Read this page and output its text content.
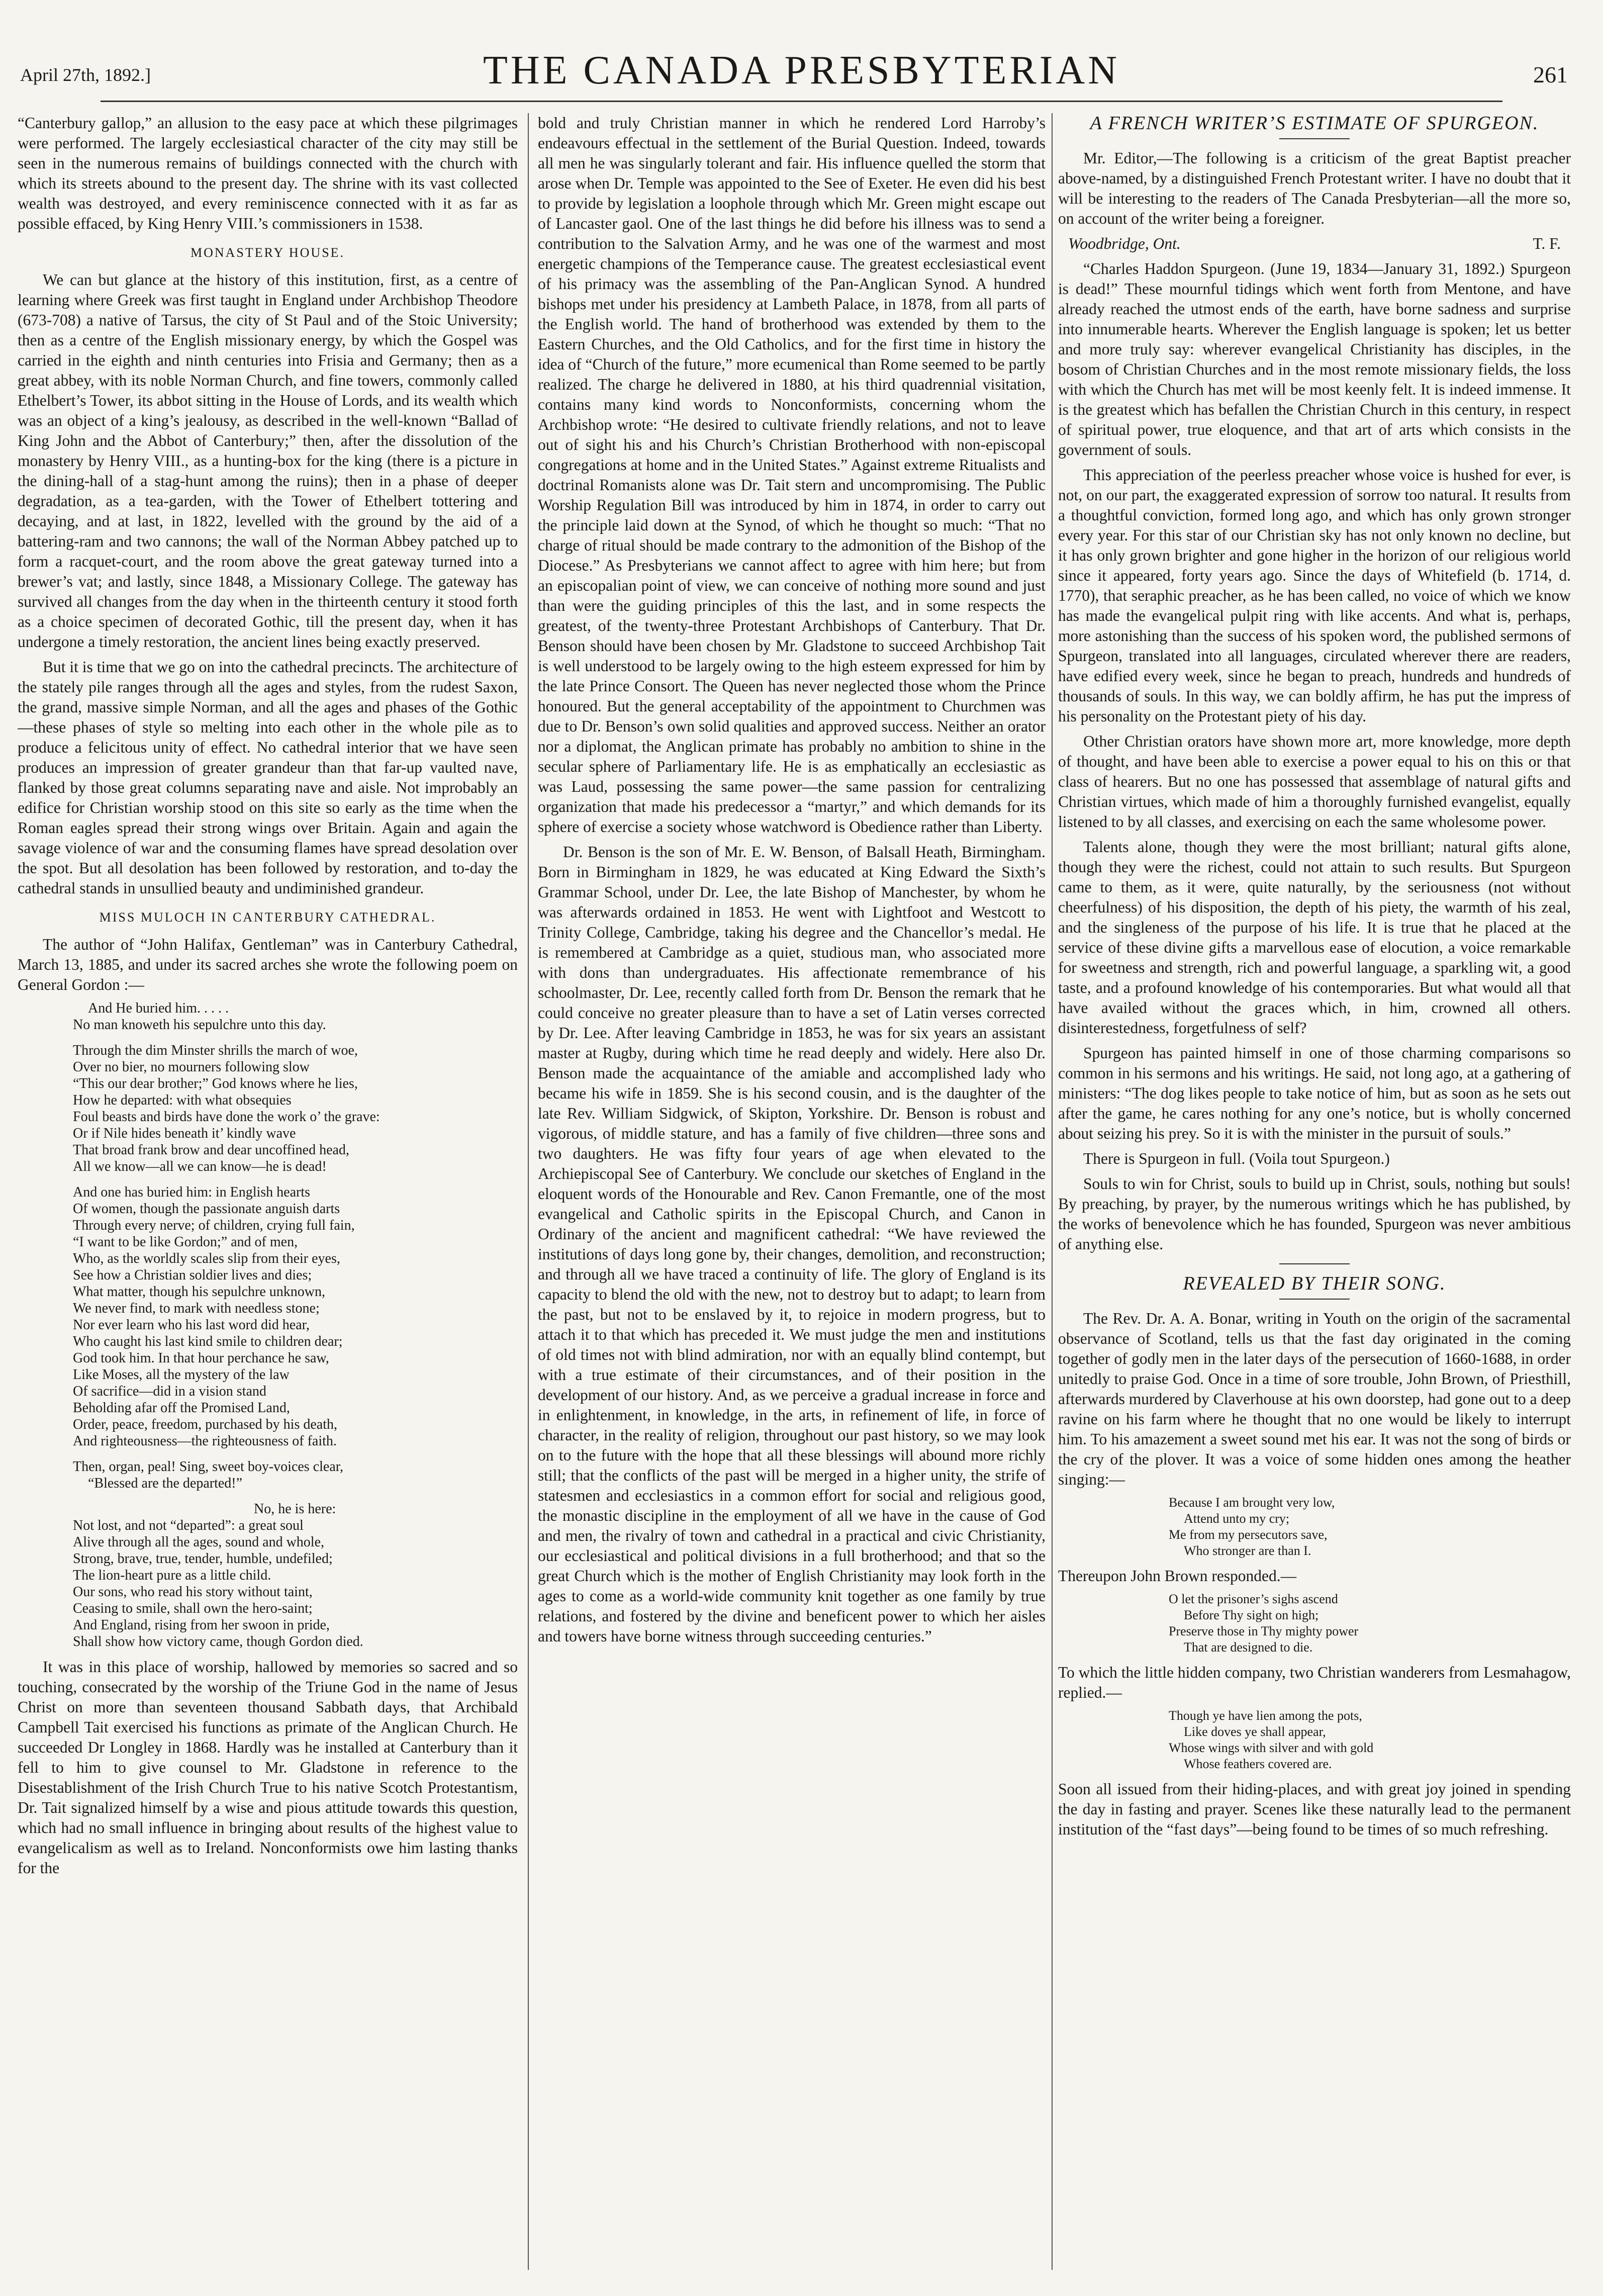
April 27th, 1892.]	THE CANADA PRESBYTERIAN	261

“Canterbury gallop,” an allusion to the easy pace at which these pilgrimages were performed. The largely ecclesiastical character of the city may still be seen in the numerous remains of buildings connected with the church with which its streets abound to the present day. The shrine with its vast collected wealth was destroyed, and every reminiscence connected with it as far as possible effaced, by King Henry VIII.’s commissioners in 1538.

MONASTERY HOUSE.

We can but glance at the history of this institution, first, as a centre of learning where Greek was first taught in England under Archbishop Theodore (673-708) a native of Tarsus, the city of St Paul and of the Stoic University; then as a centre of the English missionary energy, by which the Gospel was carried in the eighth and ninth centuries into Frisia and Germany; then as a great abbey, with its noble Norman Church, and fine towers, commonly called Ethelbert’s Tower, its abbot sitting in the House of Lords, and its wealth which was an object of a king’s jealousy, as described in the well-known “Ballad of King John and the Abbot of Canterbury;” then, after the dissolution of the monastery by Henry VIII., as a hunting-box for the king (there is a picture in the dining-hall of a stag-hunt among the ruins); then in a phase of deeper degradation, as a tea-garden, with the Tower of Ethelbert tottering and decaying, and at last, in 1822, levelled with the ground by the aid of a battering-ram and two cannons; the wall of the Norman Abbey patched up to form a racquet-court, and the room above the great gateway turned into a brewer’s vat; and lastly, since 1848, a Missionary College. The gateway has survived all changes from the day when in the thirteenth century it stood forth as a choice specimen of decorated Gothic, till the present day, when it has undergone a timely restoration, the ancient lines being exactly preserved.

But it is time that we go on into the cathedral precincts. The architecture of the stately pile ranges through all the ages and styles, from the rudest Saxon, the grand, massive simple Norman, and all the ages and phases of the Gothic—these phases of style so melting into each other in the whole pile as to produce a felicitous unity of effect. No cathedral interior that we have seen produces an impression of greater grandeur than that far-up vaulted nave, flanked by those great columns separating nave and aisle. Not improbably an edifice for Christian worship stood on this site so early as the time when the Roman eagles spread their strong wings over Britain. Again and again the savage violence of war and the consuming flames have spread desolation over the spot. But all desolation has been followed by restoration, and to-day the cathedral stands in unsullied beauty and undiminished grandeur.

MISS MULOCH IN CANTERBURY CATHEDRAL.

The author of “John Halifax, Gentleman” was in Canterbury Cathedral, March 13, 1885, and under its sacred arches she wrote the following poem on General Gordon :—

And He buried him. . . . .
No man knoweth his sepulchre unto this day.
Through the dim Minster shrills the march of woe,
Over no bier, no mourners following slow
“This our dear brother;” God knows where he lies,
How he departed: with what obsequies
Foul beasts and birds have done the work o’ the grave:
Or if Nile hides beneath it’ kindly wave
That broad frank brow and dear uncoffined head,
All we know—all we can know—he is dead!
And one has buried him: in English hearts
Of women, though the passionate anguish darts
Through every nerve; of children, crying full fain,
“I want to be like Gordon;” and of men,
Who, as the worldly scales slip from their eyes,
See how a Christian soldier lives and dies;
What matter, though his sepulchre unknown,
We never find, to mark with needless stone;
Nor ever learn who his last word did hear,
Who caught his last kind smile to children dear;
God took him. In that hour perchance he saw,
Like Moses, all the mystery of the law
Of sacrifice—did in a vision stand
Beholding afar off the Promised Land,
Order, peace, freedom, purchased by his death,
And righteousness—the righteousness of faith.
Then, organ, peal! Sing, sweet boy-voices clear,
“Blessed are the departed!”
No, he is here:
Not lost, and not “departed”: a great soul
Alive through all the ages, sound and whole,
Strong, brave, true, tender, humble, undefiled;
The lion-heart pure as a little child.
Our sons, who read his story without taint,
Ceasing to smile, shall own the hero-saint;
And England, rising from her swoon in pride,
Shall show how victory came, though Gordon died.

It was in this place of worship, hallowed by memories so sacred and so touching, consecrated by the worship of the Triune God in the name of Jesus Christ on more than seventeen thousand Sabbath days, that Archibald Campbell Tait exercised his functions as primate of the Anglican Church. He succeeded Dr Longley in 1868. Hardly was he installed at Canterbury than it fell to him to give counsel to Mr. Gladstone in reference to the Disestablishment of the Irish Church True to his native Scotch Protestantism, Dr. Tait signalized himself by a wise and pious attitude towards this question, which had no small influence in bringing about results of the highest value to evangelicalism as well as to Ireland. Nonconformists owe him lasting thanks for the

bold and truly Christian manner in which he rendered Lord Harroby’s endeavours effectual in the settlement of the Burial Question. Indeed, towards all men he was singularly tolerant and fair. His influence quelled the storm that arose when Dr. Temple was appointed to the See of Exeter. He even did his best to provide by legislation a loophole through which Mr. Green might escape out of Lancaster gaol. One of the last things he did before his illness was to send a contribution to the Salvation Army, and he was one of the warmest and most energetic champions of the Temperance cause. The greatest ecclesiastical event of his primacy was the assembling of the Pan-Anglican Synod. A hundred bishops met under his presidency at Lambeth Palace, in 1878, from all parts of the English world. The hand of brotherhood was extended by them to the Eastern Churches, and the Old Catholics, and for the first time in history the idea of “Church of the future,” more ecumenical than Rome seemed to be partly realized. The charge he delivered in 1880, at his third quadrennial visitation, contains many kind words to Nonconformists, concerning whom the Archbishop wrote: “He desired to cultivate friendly relations, and not to leave out of sight his and his Church’s Christian Brotherhood with non-episcopal congregations at home and in the United States.” Against extreme Ritualists and doctrinal Romanists alone was Dr. Tait stern and uncompromising. The Public Worship Regulation Bill was introduced by him in 1874, in order to carry out the principle laid down at the Synod, of which he thought so much: “That no charge of ritual should be made contrary to the admonition of the Bishop of the Diocese.” As Presbyterians we cannot affect to agree with him here; but from an episcopalian point of view, we can conceive of nothing more sound and just than were the guiding principles of this the last, and in some respects the greatest, of the twenty-three Protestant Archbishops of Canterbury. That Dr. Benson should have been chosen by Mr. Gladstone to succeed Archbishop Tait is well understood to be largely owing to the high esteem expressed for him by the late Prince Consort. The Queen has never neglected those whom the Prince honoured. But the general acceptability of the appointment to Churchmen was due to Dr. Benson’s own solid qualities and approved success. Neither an orator nor a diplomat, the Anglican primate has probably no ambition to shine in the secular sphere of Parliamentary life. He is as emphatically an ecclesiastic as was Laud, possessing the same power—the same passion for centralizing organization that made his predecessor a “martyr,” and which demands for its sphere of exercise a society whose watchword is Obedience rather than Liberty.

Dr. Benson is the son of Mr. E. W. Benson, of Balsall Heath, Birmingham. Born in Birmingham in 1829, he was educated at King Edward the Sixth’s Grammar School, under Dr. Lee, the late Bishop of Manchester, by whom he was afterwards ordained in 1853. He went with Lightfoot and Westcott to Trinity College, Cambridge, taking his degree and the Chancellor’s medal. He is remembered at Cambridge as a quiet, studious man, who associated more with dons than undergraduates. His affectionate remembrance of his schoolmaster, Dr. Lee, recently called forth from Dr. Benson the remark that he could conceive no greater pleasure than to have a set of Latin verses corrected by Dr. Lee. After leaving Cambridge in 1853, he was for six years an assistant master at Rugby, during which time he read deeply and widely. Here also Dr. Benson made the acquaintance of the amiable and accomplished lady who became his wife in 1859. She is his second cousin, and is the daughter of the late Rev. William Sidgwick, of Skipton, Yorkshire. Dr. Benson is robust and vigorous, of middle stature, and has a family of five children—three sons and two daughters. He was fifty four years of age when elevated to the Archiepiscopal See of Canterbury. We conclude our sketches of England in the eloquent words of the Honourable and Rev. Canon Fremantle, one of the most evangelical and Catholic spirits in the Episcopal Church, and Canon in Ordinary of the ancient and magnificent cathedral: “We have reviewed the institutions of days long gone by, their changes, demolition, and reconstruction; and through all we have traced a continuity of life. The glory of England is its capacity to blend the old with the new, not to destroy but to adapt; to learn from the past, but not to be enslaved by it, to rejoice in modern progress, but to attach it to that which has preceded it. We must judge the men and institutions of old times not with blind admiration, nor with an equally blind contempt, but with a true estimate of their circumstances, and of their position in the development of our history. And, as we perceive a gradual increase in force and in enlightenment, in knowledge, in the arts, in refinement of life, in force of character, in the reality of religion, throughout our past history, so we may look on to the future with the hope that all these blessings will abound more richly still; that the conflicts of the past will be merged in a higher unity, the strife of statesmen and ecclesiastics in a common effort for social and religious good, the monastic discipline in the employment of all we have in the cause of God and men, the rivalry of town and cathedral in a practical and civic Christianity, our ecclesiastical and political divisions in a full brotherhood; and that so the great Church which is the mother of English Christianity may look forth in the ages to come as a world-wide community knit together as one family by true relations, and fostered by the divine and beneficent power to which her aisles and towers have borne witness through succeeding centuries.”

A FRENCH WRITER’S ESTIMATE OF SPURGEON.

Mr. Editor,—The following is a criticism of the great Baptist preacher above-named, by a distinguished French Protestant writer. I have no doubt that it will be interesting to the readers of The Canada Presbyterian—all the more so, on account of the writer being a foreigner.

Woodbridge, Ont.	T. F.

“Charles Haddon Spurgeon. (June 19, 1834—January 31, 1892.) Spurgeon is dead!” These mournful tidings which went forth from Mentone, and have already reached the utmost ends of the earth, have borne sadness and surprise into innumerable hearts. Wherever the English language is spoken; let us better and more truly say: wherever evangelical Christianity has disciples, in the bosom of Christian Churches and in the most remote missionary fields, the loss with which the Church has met will be most keenly felt. It is indeed immense. It is the greatest which has befallen the Christian Church in this century, in respect of spiritual power, true eloquence, and that art of arts which consists in the government of souls.

This appreciation of the peerless preacher whose voice is hushed for ever, is not, on our part, the exaggerated expression of sorrow too natural. It results from a thoughtful conviction, formed long ago, and which has only grown stronger every year. For this star of our Christian sky has not only known no decline, but it has only grown brighter and gone higher in the horizon of our religious world since it appeared, forty years ago. Since the days of Whitefield (b. 1714, d. 1770), that seraphic preacher, as he has been called, no voice of which we know has made the evangelical pulpit ring with like accents. And what is, perhaps, more astonishing than the success of his spoken word, the published sermons of Spurgeon, translated into all languages, circulated wherever there are readers, have edified every week, since he began to preach, hundreds and hundreds of thousands of souls. In this way, we can boldly affirm, he has put the impress of his personality on the Protestant piety of his day.

Other Christian orators have shown more art, more knowledge, more depth of thought, and have been able to exercise a power equal to his on this or that class of hearers. But no one has possessed that assemblage of natural gifts and Christian virtues, which made of him a thoroughly furnished evangelist, equally listened to by all classes, and exercising on each the same wholesome power.

Talents alone, though they were the most brilliant; natural gifts alone, though they were the richest, could not attain to such results. But Spurgeon came to them, as it were, quite naturally, by the seriousness (not without cheerfulness) of his disposition, the depth of his piety, the warmth of his zeal, and the singleness of the purpose of his life. It is true that he placed at the service of these divine gifts a marvellous ease of elocution, a voice remarkable for sweetness and strength, rich and powerful language, a sparkling wit, a good taste, and a profound knowledge of his contemporaries. But what would all that have availed without the graces which, in him, crowned all others. disinterestedness, forgetfulness of self?

Spurgeon has painted himself in one of those charming comparisons so common in his sermons and his writings. He said, not long ago, at a gathering of ministers: “The dog likes people to take notice of him, but as soon as he sets out after the game, he cares nothing for any one’s notice, but is wholly concerned about seizing his prey. So it is with the minister in the pursuit of souls.”

There is Spurgeon in full. (Voila tout Spurgeon.)

Souls to win for Christ, souls to build up in Christ, souls, nothing but souls! By preaching, by prayer, by the numerous writings which he has published, by the works of benevolence which he has founded, Spurgeon was never ambitious of anything else.

REVEALED BY THEIR SONG.

The Rev. Dr. A. A. Bonar, writing in Youth on the origin of the sacramental observance of Scotland, tells us that the fast day originated in the coming together of godly men in the later days of the persecution of 1660-1688, in order unitedly to praise God. Once in a time of sore trouble, John Brown, of Priesthill, afterwards murdered by Claverhouse at his own doorstep, had gone out to a deep ravine on his farm where he thought that no one would be likely to interrupt him. To his amazement a sweet sound met his ear. It was not the song of birds or the cry of the plover. It was a voice of some hidden ones among the heather singing:—

Because I am brought very low,
Attend unto my cry;
Me from my persecutors save,
Who stronger are than I.

Thereupon John Brown responded.—

O let the prisoner’s sighs ascend
Before Thy sight on high;
Preserve those in Thy mighty power
That are designed to die.

To which the little hidden company, two Christian wanderers from Lesmahagow, replied.—

Though ye have lien among the pots,
Like doves ye shall appear,
Whose wings with silver and with gold
Whose feathers covered are.

Soon all issued from their hiding-places, and with great joy joined in spending the day in fasting and prayer. Scenes like these naturally lead to the permanent institution of the “fast days”—being found to be times of so much refreshing.
